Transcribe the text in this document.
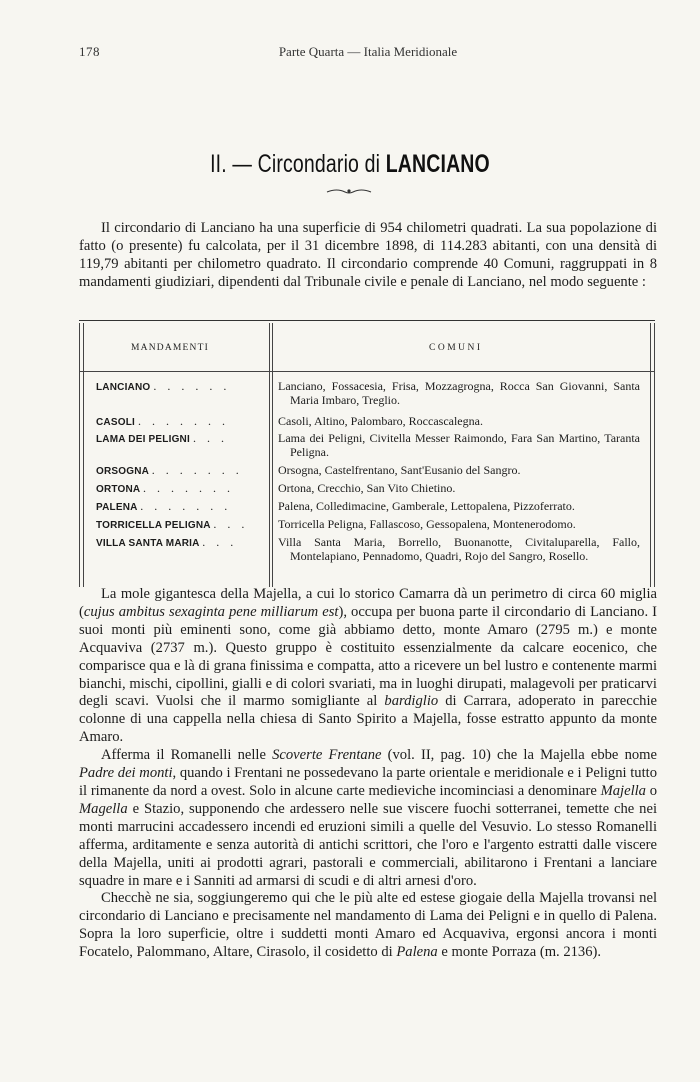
178	Parte Quarta — Italia Meridionale
II. — Circondario di LANCIANO

Il circondario di Lanciano ha una superficie di 954 chilometri quadrati. La sua popolazione di fatto (o presente) fu calcolata, per il 31 dicembre 1898, di 114.283 abitanti, con una densità di 119,79 abitanti per chilometro quadrato. Il circondario comprende 40 Comuni, raggruppati in 8 mandamenti giudiziari, dipendenti dal Tribunale civile e penale di Lanciano, nel modo seguente :

MANDAMENTI	COMUNI
LANCIANO . . . . . .	Lanciano, Fossacesia, Frisa, Mozzagrogna, Rocca San Giovanni, Santa Maria Imbaro, Treglio.
CASOLI . . . . . . .	Casoli, Altino, Palombaro, Roccascalegna.
LAMA DEI PELIGNI . . .	Lama dei Peligni, Civitella Messer Raimondo, Fara San Martino, Taranta Peligna.
ORSOGNA . . . . . . .	Orsogna, Castelfrentano, Sant'Eusanio del Sangro.
ORTONA . . . . . . .	Ortona, Crecchio, San Vito Chietino.
PALENA . . . . . . .	Palena, Colledimacine, Gamberale, Lettopalena, Pizzoferrato.
TORRICELLA PELIGNA . . .	Torricella Peligna, Fallascoso, Gessopalena, Montenerodomo.
VILLA SANTA MARIA . . .	Villa Santa Maria, Borrello, Buonanotte, Civitaluparella, Fallo, Montelapiano, Pennadomo, Quadri, Rojo del Sangro, Rosello.

La mole gigantesca della Majella, a cui lo storico Camarra dà un perimetro di circa 60 miglia (cujus ambitus sexaginta pene milliarum est), occupa per buona parte il circondario di Lanciano. I suoi monti più eminenti sono, come già abbiamo detto, monte Amaro (2795 m.) e monte Acquaviva (2737 m.). Questo gruppo è costituito essenzialmente da calcare eocenico, che comparisce qua e là di grana finissima e compatta, atto a ricevere un bel lustro e contenente marmi bianchi, mischi, cipollini, gialli e di colori svariati, ma in luoghi dirupati, malagevoli per praticarvi degli scavi. Vuolsi che il marmo somigliante al bardiglio di Carrara, adoperato in parecchie colonne di una cappella nella chiesa di Santo Spirito a Majella, fosse estratto appunto da monte Amaro.

Afferma il Romanelli nelle Scoverte Frentane (vol. II, pag. 10) che la Majella ebbe nome Padre dei monti, quando i Frentani ne possedevano la parte orientale e meridionale e i Peligni tutto il rimanente da nord a ovest. Solo in alcune carte medieviche incominciasi a denominare Majella o Magella e Stazio, supponendo che ardessero nelle sue viscere fuochi sotterranei, temette che nei monti marrucini accadessero incendi ed eruzioni simili a quelle del Vesuvio. Lo stesso Romanelli afferma, arditamente e senza autorità di antichi scrittori, che l'oro e l'argento estratti dalle viscere della Majella, uniti ai prodotti agrari, pastorali e commerciali, abilitarono i Frentani a lanciare squadre in mare e i Sanniti ad armarsi di scudi e di altri arnesi d'oro.

Checchè ne sia, soggiungeremo qui che le più alte ed estese giogaie della Majella trovansi nel circondario di Lanciano e precisamente nel mandamento di Lama dei Peligni e in quello di Palena. Sopra la loro superficie, oltre i suddetti monti Amaro ed Acquaviva, ergonsi ancora i monti Focatelo, Palommano, Altare, Cirasolo, il cosidetto di Palena e monte Porraza (m. 2136).
